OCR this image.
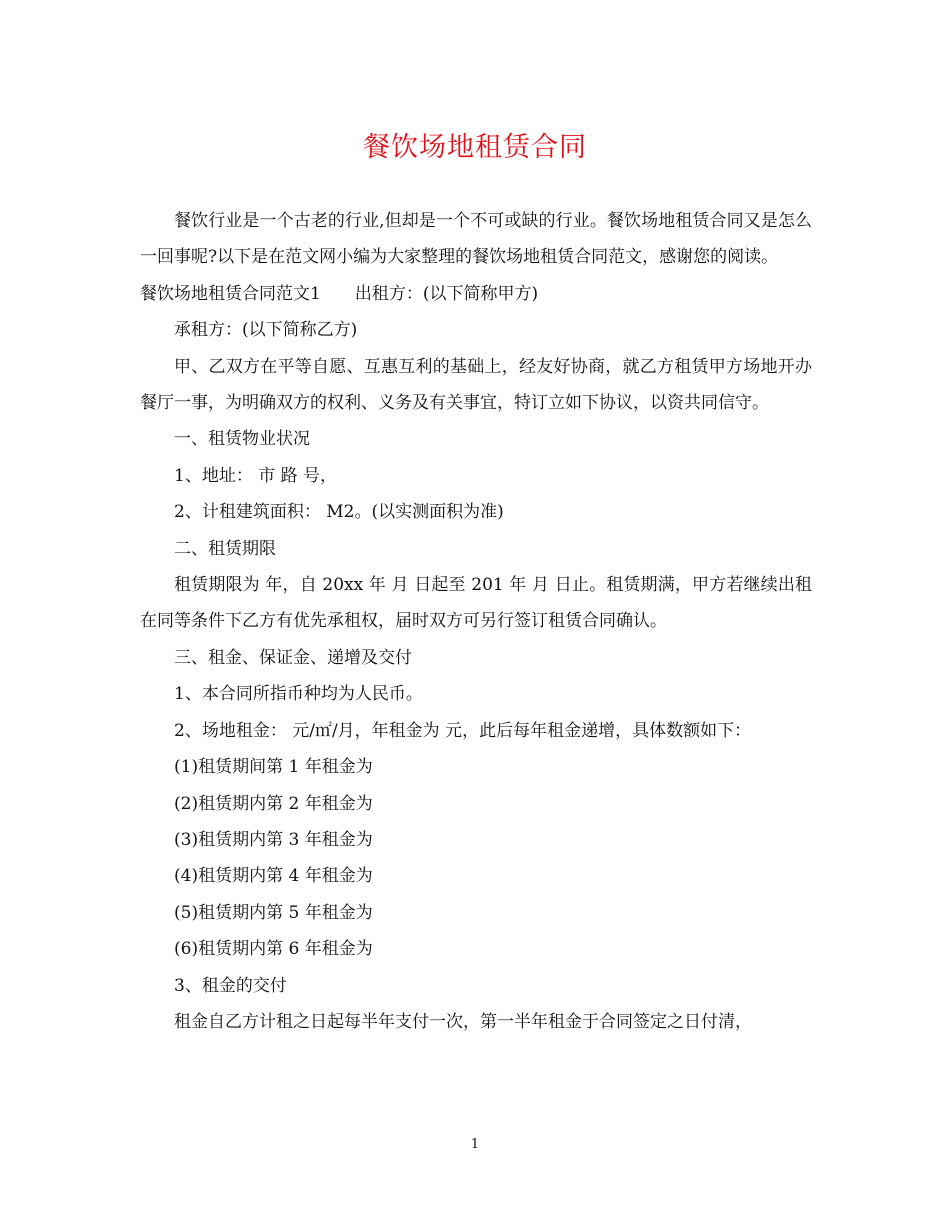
餐饮场地租赁合同

餐饮行业是一个古老的行业,但却是一个不可或缺的行业。餐饮场地租赁合同又是怎么一回事呢?以下是在范文网小编为大家整理的餐饮场地租赁合同范文，感谢您的阅读。

餐饮场地租赁合同范文1　　出租方：(以下简称甲方)

承租方：(以下简称乙方)

甲、乙双方在平等自愿、互惠互利的基础上，经友好协商，就乙方租赁甲方场地开办餐厅一事，为明确双方的权利、义务及有关事宜，特订立如下协议，以资共同信守。

一、租赁物业状况

1、地址： 市 路 号，

2、计租建筑面积： M2。(以实测面积为准)

二、租赁期限

租赁期限为 年，自 20xx 年 月 日起至 201 年 月 日止。租赁期满，甲方若继续出租在同等条件下乙方有优先承租权，届时双方可另行签订租赁合同确认。

三、租金、保证金、递增及交付

1、本合同所指币种均为人民币。

2、场地租金： 元/㎡/月，年租金为 元，此后每年租金递增，具体数额如下：

(1)租赁期间第 1 年租金为

(2)租赁期内第 2 年租金为

(3)租赁期内第 3 年租金为

(4)租赁期内第 4 年租金为

(5)租赁期内第 5 年租金为

(6)租赁期内第 6 年租金为

3、租金的交付

租金自乙方计租之日起每半年支付一次，第一半年租金于合同签定之日付清，

1
